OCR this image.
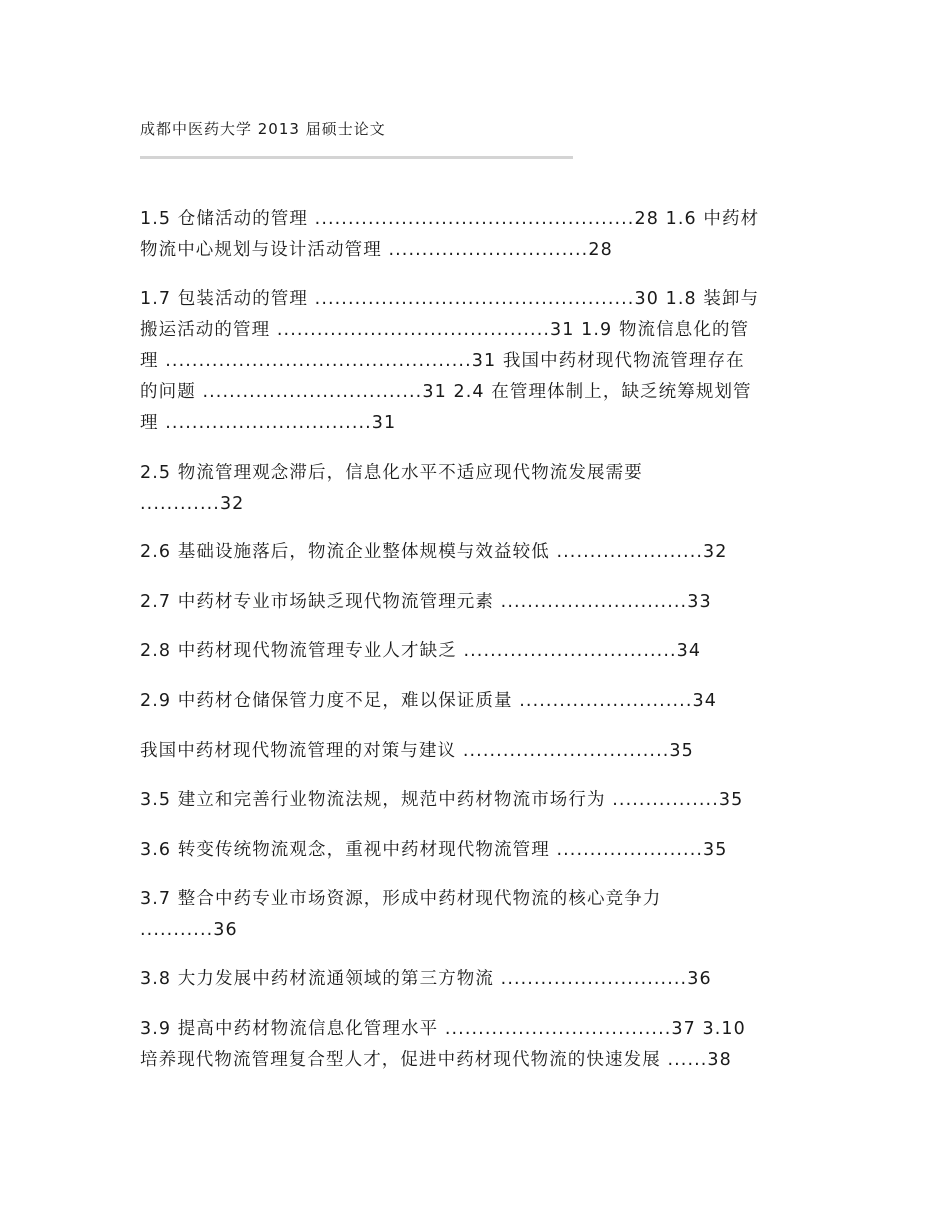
成都中医药大学 2013 届硕士论文
1.5 仓储活动的管理 ................................................28 1.6 中药材
物流中心规划与设计活动管理 ..............................28
1.7 包装活动的管理 ................................................30 1.8 装卸与
搬运活动的管理 .........................................31 1.9 物流信息化的管
理 ..............................................31 我国中药材现代物流管理存在
的问题 .................................31 2.4 在管理体制上，缺乏统筹规划管
理 ...............................31
2.5 物流管理观念滞后，信息化水平不适应现代物流发展需要
............32
2.6 基础设施落后，物流企业整体规模与效益较低 ......................32
2.7 中药材专业市场缺乏现代物流管理元素 ............................33
2.8 中药材现代物流管理专业人才缺乏 ................................34
2.9 中药材仓储保管力度不足，难以保证质量 ..........................34
我国中药材现代物流管理的对策与建议 ...............................35
3.5 建立和完善行业物流法规，规范中药材物流市场行为 ................35
3.6 转变传统物流观念，重视中药材现代物流管理 ......................35
3.7 整合中药专业市场资源，形成中药材现代物流的核心竞争力
...........36
3.8 大力发展中药材流通领域的第三方物流 ............................36
3.9 提高中药材物流信息化管理水平 ..................................37 3.10
培养现代物流管理复合型人才，促进中药材现代物流的快速发展 ......38
